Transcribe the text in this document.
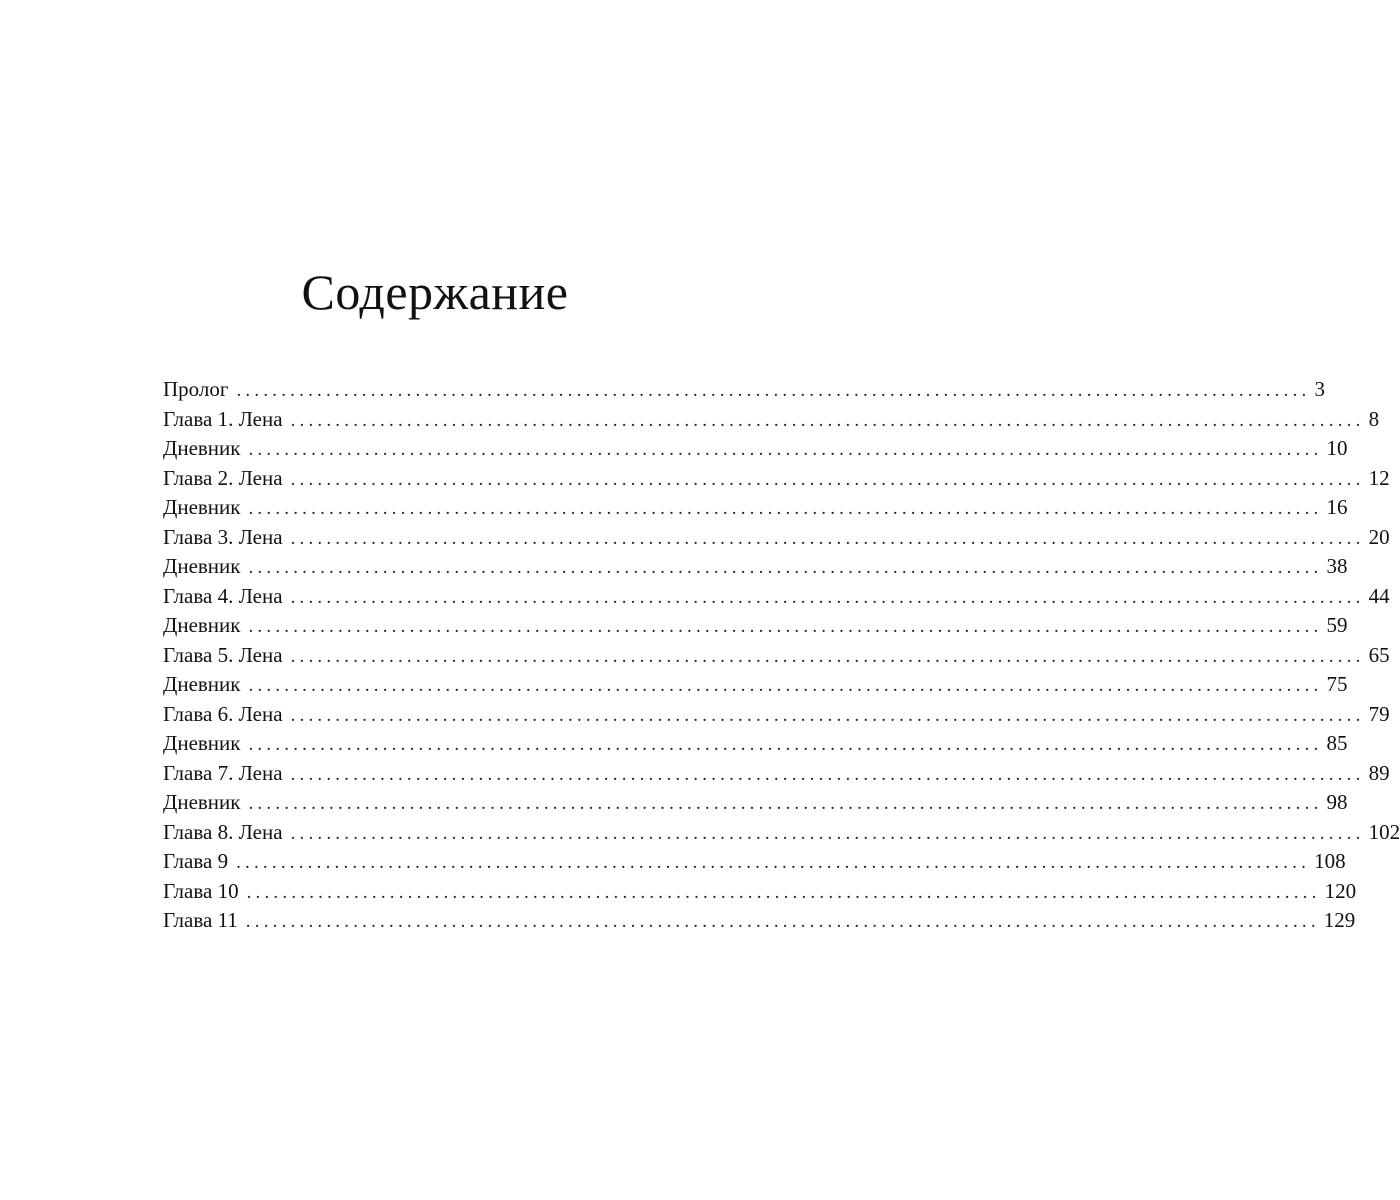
Содержание
Пролог ........................................................................................................................ 3
Глава 1. Лена ........................................................................................................................ 8
Дневник ........................................................................................................................ 10
Глава 2. Лена ........................................................................................................................ 12
Дневник ........................................................................................................................ 16
Глава 3. Лена ........................................................................................................................ 20
Дневник ........................................................................................................................ 38
Глава 4. Лена ........................................................................................................................ 44
Дневник ........................................................................................................................ 59
Глава 5. Лена ........................................................................................................................ 65
Дневник ........................................................................................................................ 75
Глава 6. Лена ........................................................................................................................ 79
Дневник ........................................................................................................................ 85
Глава 7. Лена ........................................................................................................................ 89
Дневник ........................................................................................................................ 98
Глава 8. Лена ........................................................................................................................ 102
Глава 9 ........................................................................................................................ 108
Глава 10 ........................................................................................................................ 120
Глава 11 ........................................................................................................................ 129
